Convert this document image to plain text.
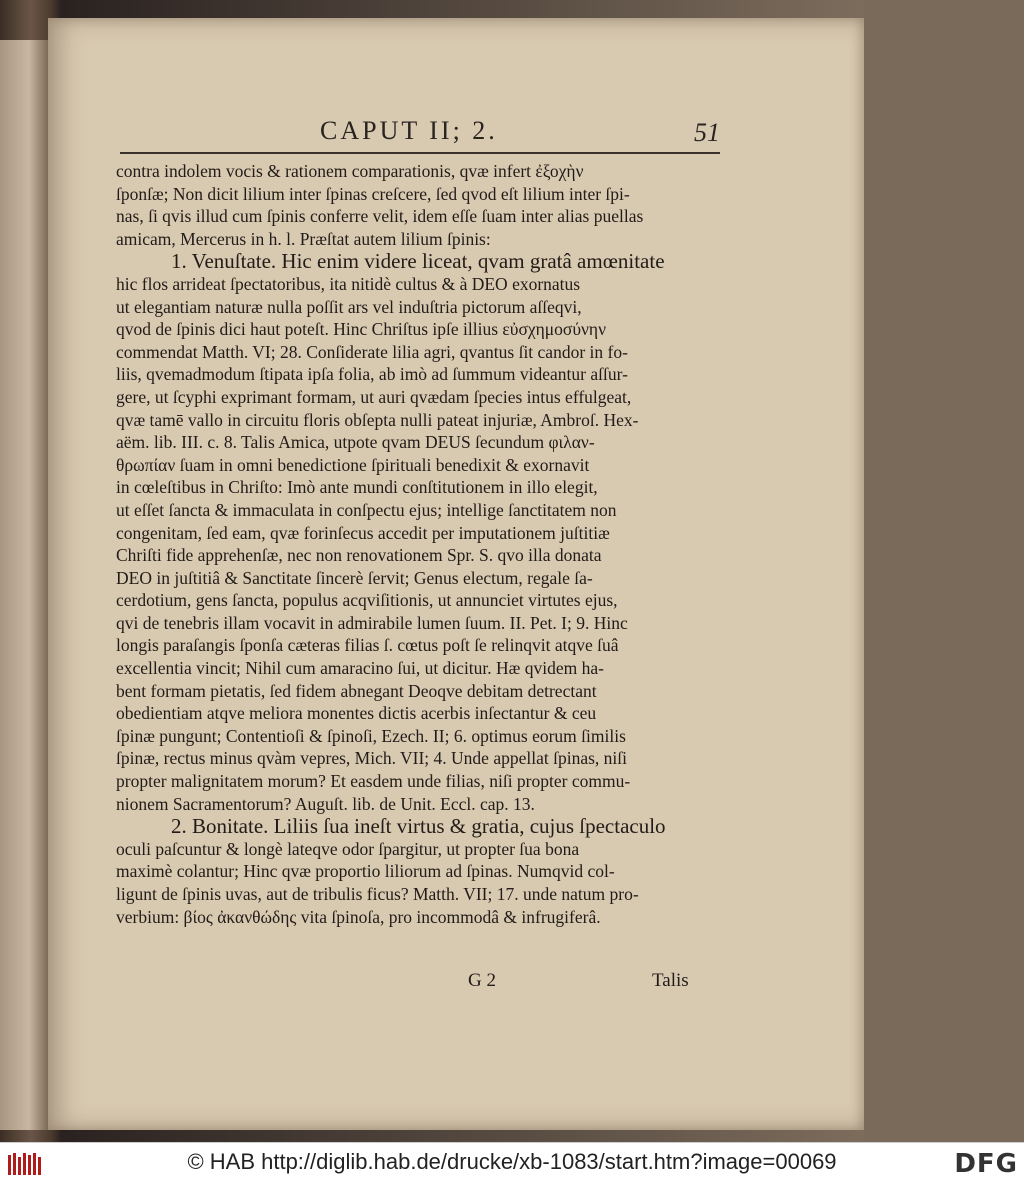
CAPUT II; 2.	51
contra indolem vocis & rationem comparationis, qvæ infert ἐξοχὴν
ſponſæ; Non dicit lilium inter ſpinas creſcere, ſed qvod eſt lilium inter ſpi-
nas, ſi qvis illud cum ſpinis conferre velit, idem eſſe ſuam inter alias puellas
amicam, Mercerus in h. l. Præſtat autem lilium ſpinis:
1. Venuſtate. Hic enim videre liceat, qvam gratâ amœnitate
hic flos arrideat ſpectatoribus, ita nitidè cultus & à DEO exornatus
ut elegantiam naturæ nulla poſſit ars vel induſtria pictorum aſſeqvi,
qvod de ſpinis dici haut poteſt. Hinc Chriſtus ipſe illius εὐσχημοσύνην
commendat Matth. VI; 28. Conſiderate lilia agri, qvantus ſit candor in fo-
liis, qvemadmodum ſtipata ipſa folia, ab imò ad ſummum videantur aſſur-
gere, ut ſcyphi exprimant formam, ut auri qvædam ſpecies intus effulgeat,
qvæ tamē vallo in circuitu floris obſepta nulli pateat injuriæ, Ambroſ. Hex-
aëm. lib. III. c. 8. Talis Amica, utpote qvam DEUS ſecundum φιλαν-
θρωπίαν ſuam in omni benedictione ſpirituali benedixit & exornavit
in cœleſtibus in Chriſto: Imò ante mundi conſtitutionem in illo elegit,
ut eſſet ſancta & immaculata in conſpectu ejus; intellige ſanctitatem non
congenitam, ſed eam, qvæ forinſecus accedit per imputationem juſtitiæ
Chriſti fide apprehenſæ, nec non renovationem Spr. S. qvo illa donata
DEO in juſtitiâ & Sanctitate ſincerè ſervit; Genus electum, regale ſa-
cerdotium, gens ſancta, populus acqviſitionis, ut annunciet virtutes ejus,
qvi de tenebris illam vocavit in admirabile lumen ſuum. II. Pet. I; 9. Hinc
longis paraſangis ſponſa cæteras filias ſ. cœtus poſt ſe relinqvit atqve ſuâ
excellentia vincit; Nihil cum amaracino ſui, ut dicitur. Hæ qvidem ha-
bent formam pietatis, ſed fidem abnegant Deoqve debitam detrectant
obedientiam atqve meliora monentes dictis acerbis inſectantur & ceu
ſpinæ pungunt; Contentioſi & ſpinoſi, Ezech. II; 6. optimus eorum ſimilis
ſpinæ, rectus minus qvàm vepres, Mich. VII; 4. Unde appellat ſpinas, niſi
propter malignitatem morum? Et easdem unde filias, niſi propter commu-
nionem Sacramentorum? Auguſt. lib. de Unit. Eccl. cap. 13.
2. Bonitate. Liliis ſua ineſt virtus & gratia, cujus ſpectaculo
oculi paſcuntur & longè lateqve odor ſpargitur, ut propter ſua bona
maximè colantur; Hinc qvæ proportio liliorum ad ſpinas. Numqvid col-
ligunt de ſpinis uvas, aut de tribulis ficus? Matth. VII; 17. unde natum pro-
verbium: βίος ἀκανθώδης vita ſpinoſa, pro incommodâ & infrugiferâ.
G 2	Talis
© HAB http://diglib.hab.de/drucke/xb-1083/start.htm?image=00069	DFG
